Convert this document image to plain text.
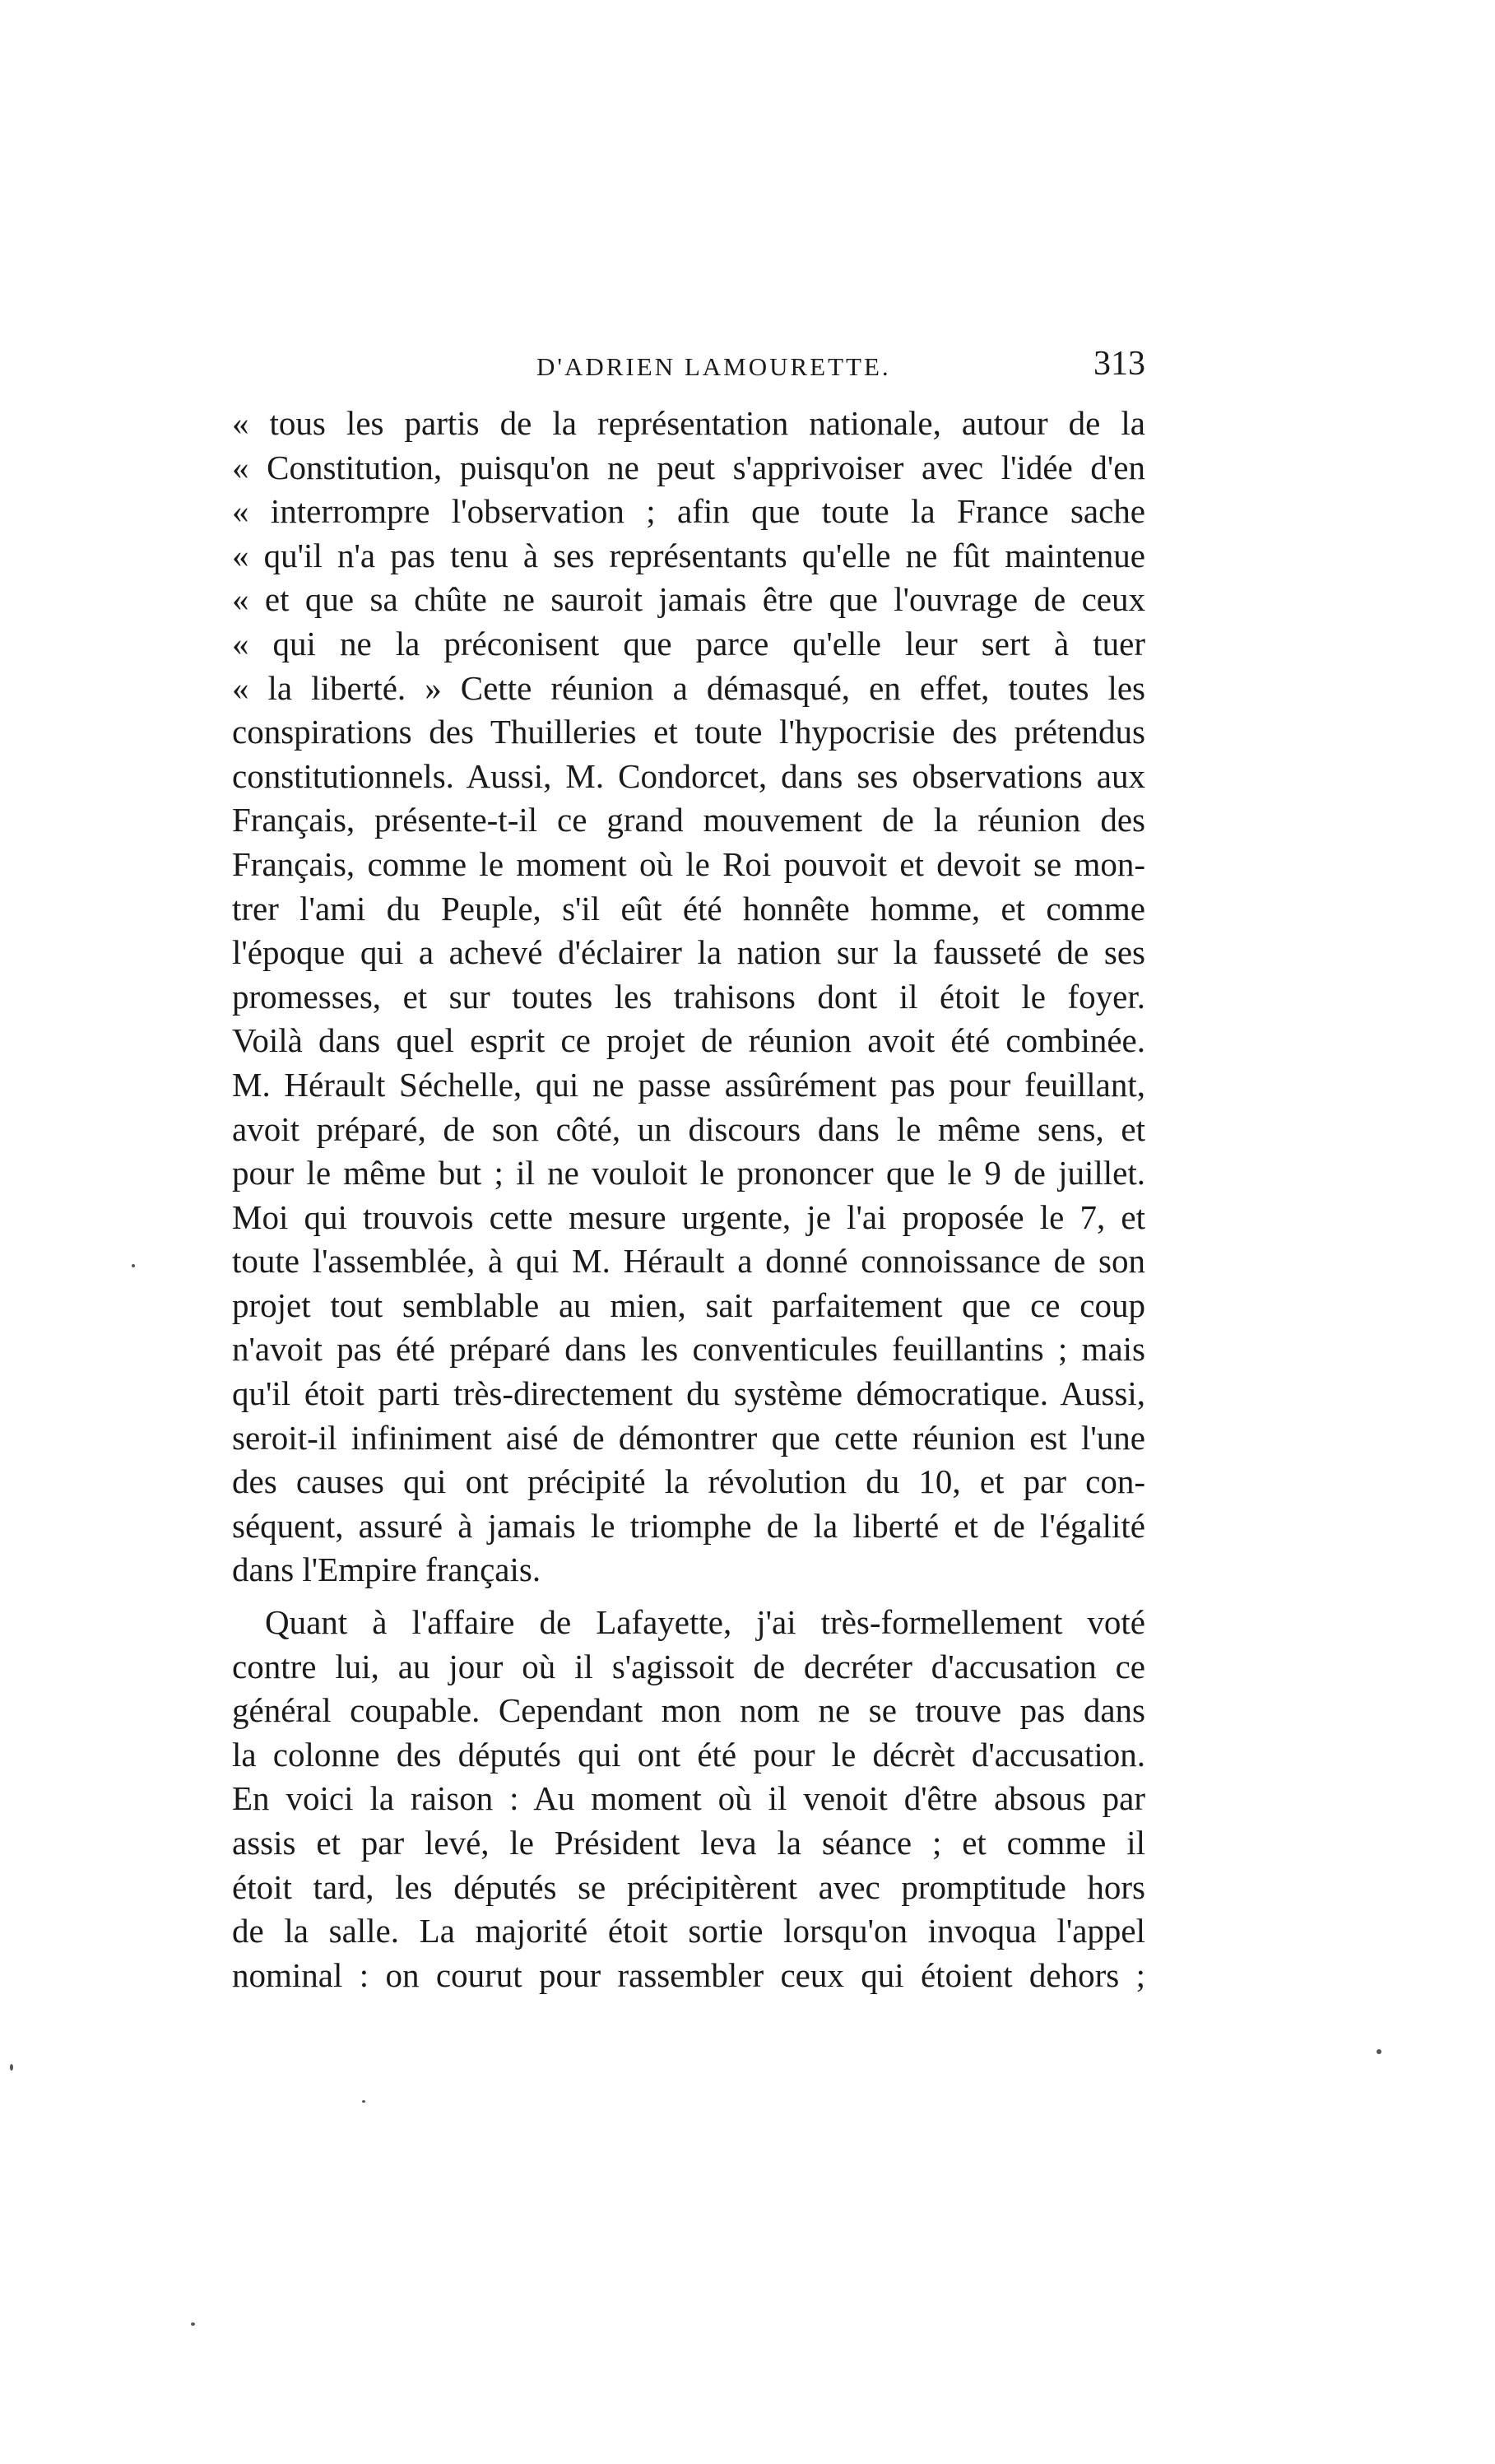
D'ADRIEN LAMOURETTE.	313
« tous les partis de la représentation nationale, autour de la
« Constitution, puisqu'on ne peut s'apprivoiser avec l'idée d'en
« interrompre l'observation ; afin que toute la France sache
« qu'il n'a pas tenu à ses représentants qu'elle ne fût maintenue
« et que sa chûte ne sauroit jamais être que l'ouvrage de ceux
« qui ne la préconisent que parce qu'elle leur sert à tuer
« la liberté. » Cette réunion a démasqué, en effet, toutes les
conspirations des Thuilleries et toute l'hypocrisie des prétendus
constitutionnels. Aussi, M. Condorcet, dans ses observations aux
Français, présente-t-il ce grand mouvement de la réunion des
Français, comme le moment où le Roi pouvoit et devoit se mon-
trer l'ami du Peuple, s'il eût été honnête homme, et comme
l'époque qui a achevé d'éclairer la nation sur la fausseté de ses
promesses, et sur toutes les trahisons dont il étoit le foyer.
Voilà dans quel esprit ce projet de réunion avoit été combinée.
M. Hérault Séchelle, qui ne passe assûrément pas pour feuillant,
avoit préparé, de son côté, un discours dans le même sens, et
pour le même but ; il ne vouloit le prononcer que le 9 de juillet.
Moi qui trouvois cette mesure urgente, je l'ai proposée le 7, et
toute l'assemblée, à qui M. Hérault a donné connoissance de son
projet tout semblable au mien, sait parfaitement que ce coup
n'avoit pas été préparé dans les conventicules feuillantins ; mais
qu'il étoit parti très-directement du système démocratique. Aussi,
seroit-il infiniment aisé de démontrer que cette réunion est l'une
des causes qui ont précipité la révolution du 10, et par con-
séquent, assuré à jamais le triomphe de la liberté et de l'égalité
dans l'Empire français.
Quant à l'affaire de Lafayette, j'ai très-formellement voté
contre lui, au jour où il s'agissoit de decréter d'accusation ce
général coupable. Cependant mon nom ne se trouve pas dans
la colonne des députés qui ont été pour le décrèt d'accusation.
En voici la raison : Au moment où il venoit d'être absous par
assis et par levé, le Président leva la séance ; et comme il
étoit tard, les députés se précipitèrent avec promptitude hors
de la salle. La majorité étoit sortie lorsqu'on invoqua l'appel
nominal : on courut pour rassembler ceux qui étoient dehors ;
